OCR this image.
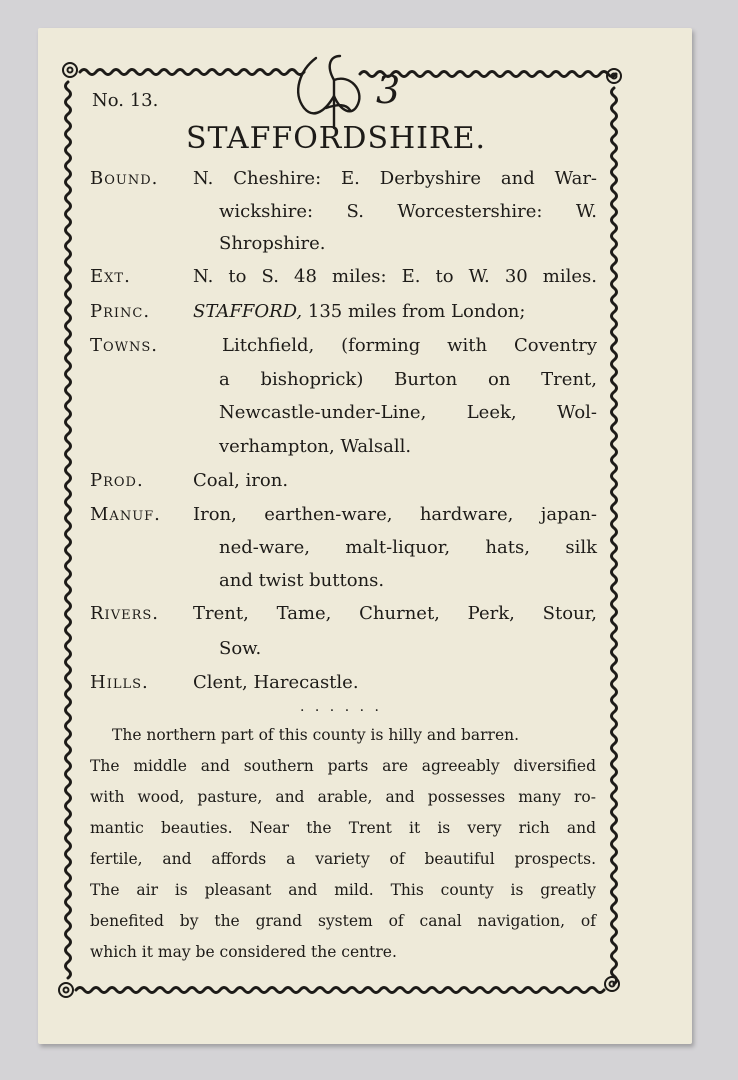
3
No. 13.
STAFFORDSHIRE.
Bound.
Ext.
Princ.
Towns.
Prod.
Manuf.
Rivers.
Hills.
N. Cheshire: E. Derbyshire and War-
wickshire: S. Worcestershire: W.
Shropshire.
N. to S. 48 miles: E. to W. 30 miles.
STAFFORD, 135 miles from London;
Litchfield, (forming with Coventry
a bishoprick) Burton on Trent,
Newcastle-under-Line, Leek, Wol-
verhampton, Walsall.
Coal, iron.
Iron, earthen-ware, hardware, japan-
ned-ware, malt-liquor, hats, silk
and twist buttons.
Trent, Tame, Churnet, Perk, Stour,
Sow.
Clent, Harecastle.
· · · · · ·
The northern part of this county is hilly and barren.
The middle and southern parts are agreeably diversified
with wood, pasture, and arable, and possesses many ro-
mantic beauties. Near the Trent it is very rich and
fertile, and affords a variety of beautiful prospects.
The air is pleasant and mild. This county is greatly
benefited by the grand system of canal navigation, of
which it may be considered the centre.
